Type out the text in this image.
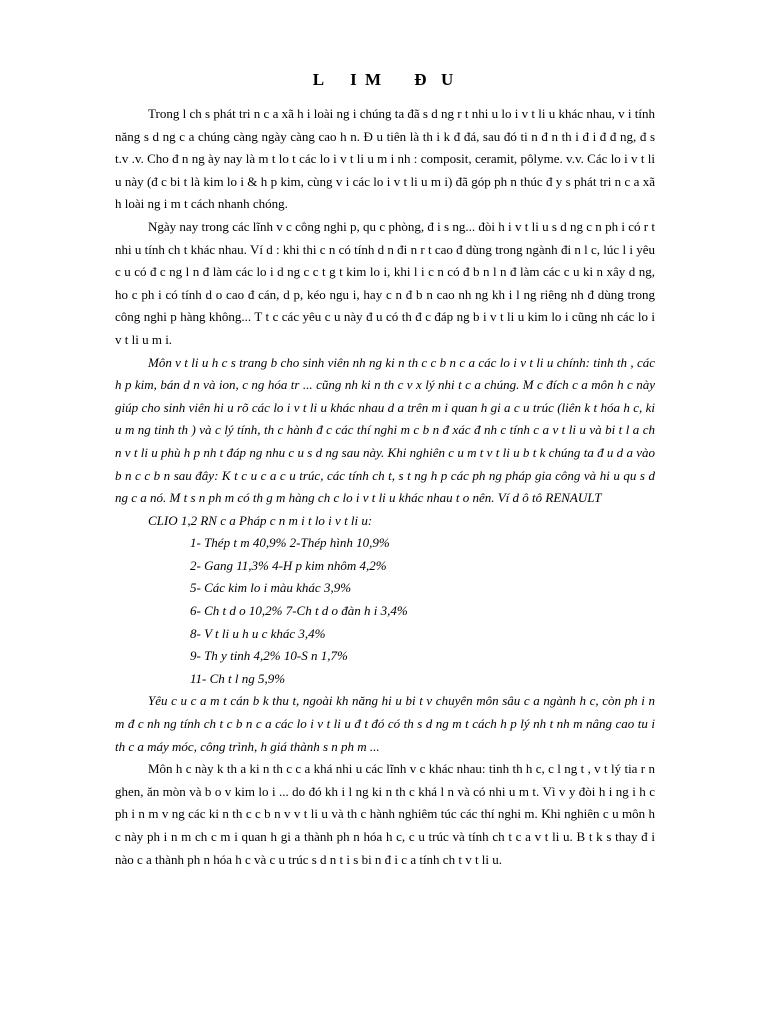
L    I M     Đ  U

Trong l ch s phát tri n c a xã h i loài ng i chúng ta đã s d ng r t nhi u lo i v t li u khác nhau, v i tính năng s d ng c a chúng càng ngày càng cao h n. Đ u tiên là th i k đ đá, sau đó ti n đ n th i đ i đ đ ng, đ s t.v .v. Cho đ n ng ày nay là m t lo t các lo i v t li u m i nh : composit, ceramit, pôlyme. v.v. Các lo i v t li u này (đ c bi t là kim lo i & h p kim, cùng v i các lo i v t li u m i) đã góp ph n thúc đ y s phát tri n c a xã h loài ng i m t cách nhanh chóng.

Ngày nay trong các lĩnh v c công nghi p, qu c phòng, đ i s ng... đòi h i v t li u s d ng c n ph i có r t nhi u tính ch t khác nhau. Ví d : khi thi c n có tính d n đi n r t cao đ dùng trong ngành đi n l c, lúc l i yêu c u có đ c ng l n đ làm các lo i d ng c c t g t kim lo i, khi l i c n có đ b n l n đ làm các c u ki n xây d ng, ho c ph i có tính d o cao đ cán, d p, kéo ngu i, hay c n đ b n cao nh ng kh i l ng riêng nh đ dùng trong công nghi p hàng không... T t c các yêu c u này đ u có th đ c đáp ng b i v t li u kim lo i cũng nh các lo i v t li u m i.

Môn v t li u h c s trang b cho sinh viên nh ng ki n th c c b n c a các lo i v t li u chính: tinh th , các h p kim, bán d n và ion, c ng hóa tr ... cũng nh ki n th c v x lý nhi t c a chúng. M c đích c a môn h c này giúp cho sinh viên hi u rõ các lo i v t li u khác nhau d a trên m i quan h gi a c u trúc (liên k t hóa h c, ki u m ng tinh th ) và c lý tính, th c hành đ c các thí nghi m c b n đ xác đ nh c tính c a v t li u và bi t l a ch n v t li u phù h p nh t đáp ng nhu c u s d ng sau này. Khi nghiên c u m t v t li u b t k chúng ta đ u d a vào b n c c b n sau đây: K t c u c a c u trúc, các tính ch t, s t ng h p các ph ng pháp gia công và hi u qu s d ng c a nó. M t s n ph m có th g m hàng ch c lo i v t li u khác nhau t o nên. Ví d ô tô RENAULT

CLIO 1,2 RN c a Pháp c n m i t lo i v t li u:

1- Thép t m 40,9% 2-Thép hình 10,9%
2- Gang 11,3% 4-H p kim nhôm 4,2%
5- Các kim lo i màu khác 3,9%
6- Ch t d o 10,2% 7-Ch t d o đàn h i 3,4%
8- V t li u h u c khác 3,4%
9- Th y tinh 4,2% 10-S n 1,7%
11- Ch t l ng 5,9%

Yêu c u c a m t cán b k thu t, ngoài kh năng hi u bi t v chuyên môn sâu c a ngành h c, còn ph i n m đ c nh ng tính ch t c b n c a các lo i v t li u đ t đó có th s d ng m t cách h p lý nh t nh m nâng cao tu i th c a máy móc, công trình, h giá thành s n ph m ...

Môn h c này k th a ki n th c c a khá nhi u các lĩnh v c khác nhau: tinh th h c, c l ng t , v t lý tia r n ghen, ăn mòn và b o v kim lo i ... do đó kh i l ng ki n th c khá l n và có nhi u m t. Vì v y đòi h i ng i h c ph i n m v ng các ki n th c c b n v v t li u và th c hành nghiêm túc các thí nghi m. Khi nghiên c u môn h c này ph i n m ch c m i quan h gi a thành ph n hóa h c, c u trúc và tính ch t c a v t li u. B t k s thay đ i nào c a thành ph n hóa h c và c u trúc s d n t i s bi n đ i c a tính ch t v t li u.
